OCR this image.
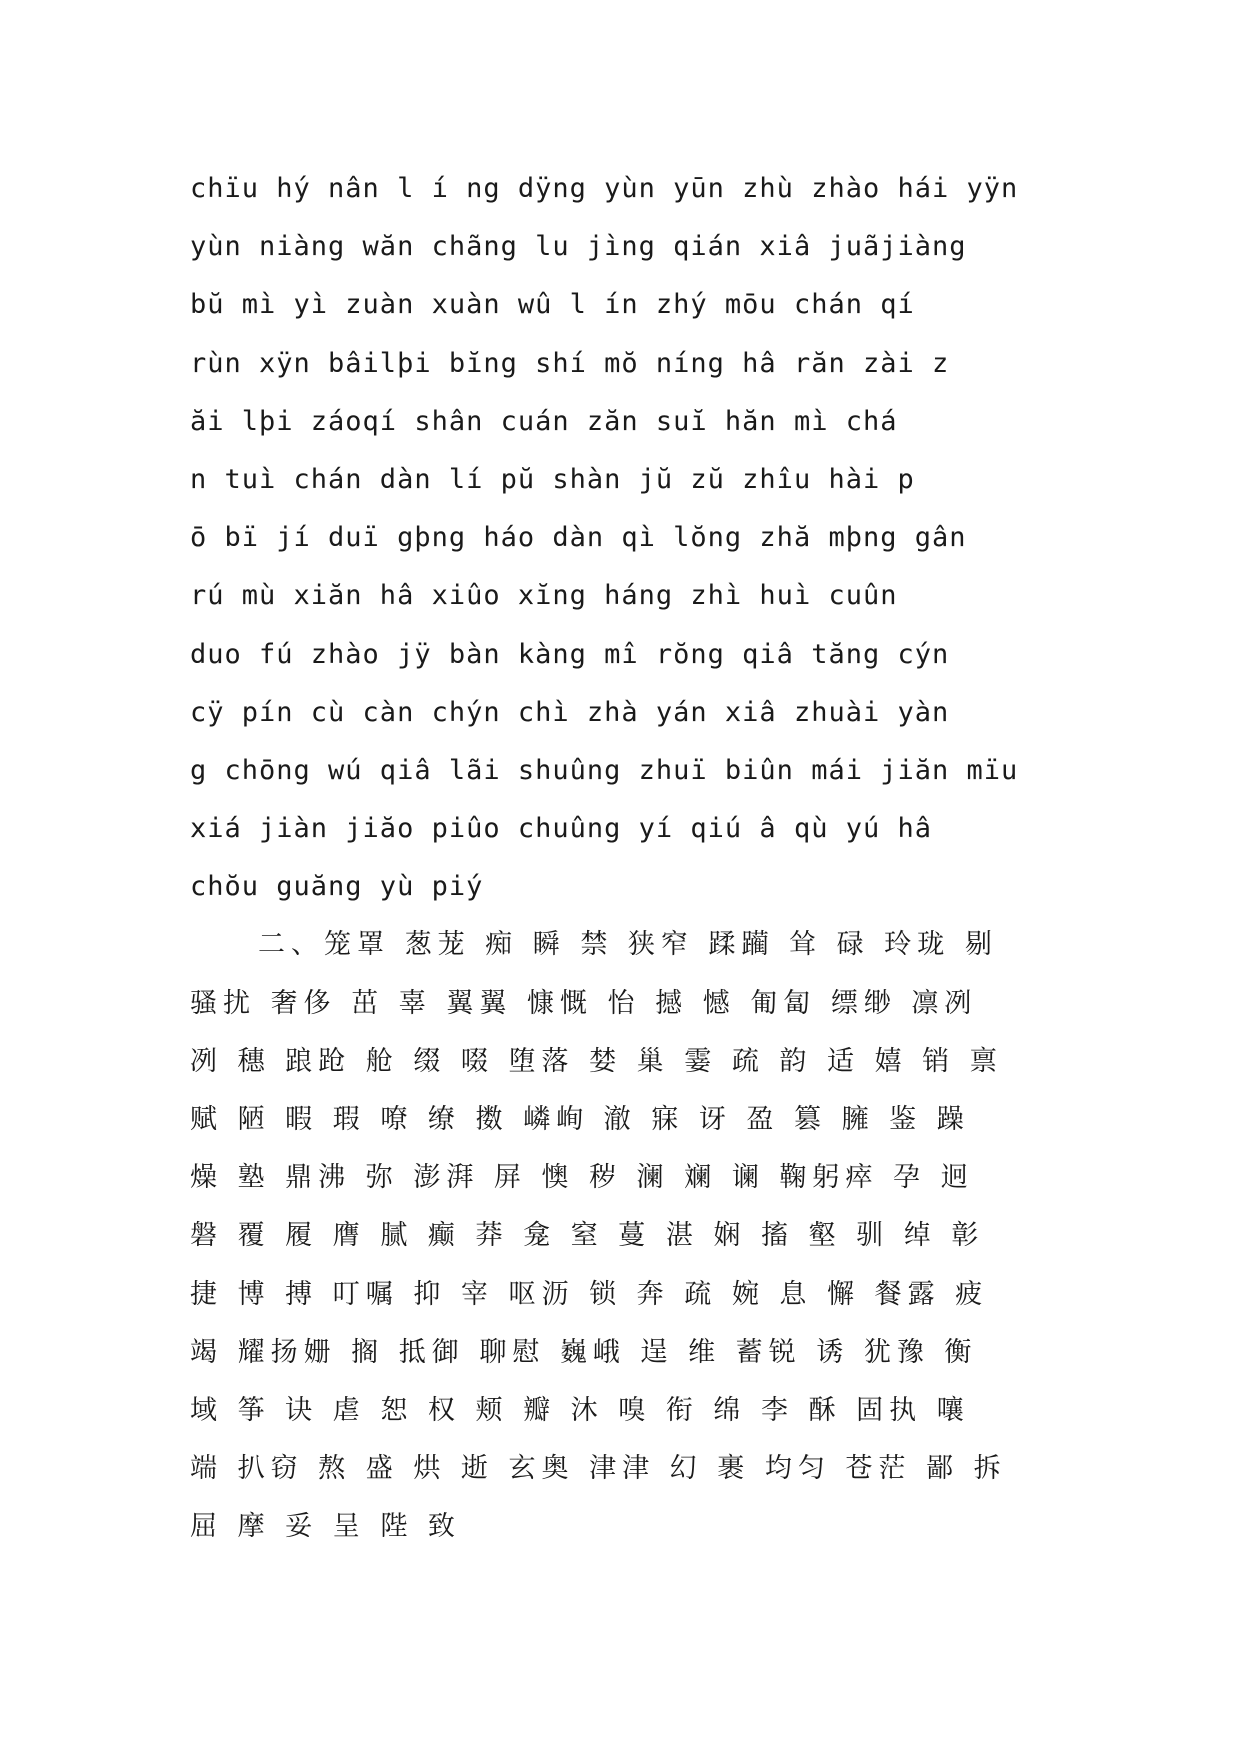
chïu hý nân l í ng dÿng yùn yūn zhù zhào hái yÿn
yùn niàng wăn chãng lu jìng qián xiâ juãjiàng
bŭ mì yì zuàn xuàn wû l ín zhý mōu chán qí
rùn xÿn bâilþi bĭng shí mŏ níng hâ răn zài z
ăi lþi záoqí shân cuán zăn suĭ hăn mì chá
n tuì chán dàn lí pŭ shàn jŭ zŭ zhîu hài p
ō bï jí duï gþng háo dàn qì lŏng zhă mþng gân
rú mù xiăn hâ xiûo xĭng háng zhì huì cuûn
duo fú zhào jÿ bàn kàng mî rŏng qiâ tăng cýn
cÿ pín cù càn chýn chì zhà yán xiâ zhuài yàn
g chōng wú qiâ lãi shuûng zhuï biûn mái jiăn mïu
xiá jiàn jiăo piûo chuûng yí qiú â qù yú hâ
chŏu guăng yù piý
二、笼罩 葱茏 痴 瞬 禁 狭窄 蹂躏 耸 碌 玲珑 剔
骚扰 奢侈 茁 辜 翼翼 慷慨 怡 撼 憾 匍匐 缥缈 凛冽
冽 穗 踉跄 舱 缀 啜 堕落 婪 巢 霎 疏 韵 适 嬉 销 禀
赋 陋 暇 瑕 嘹 缭 擞 嶙峋 澈 寐 讶 盈 篡 臃 鉴 躁
燥 塾 鼎沸 弥 澎湃 屏 懊 秽 澜 斓 谰 鞠躬瘁 孕 迥
磐 覆 履 膺 腻 癫 莽 龛 窒 蔓 湛 娴 搐 壑 驯 绰 彰
捷 博 搏 叮嘱 抑 宰 呕沥 锁 奔 疏 婉 息 懈 餐露 疲
竭 耀扬姗 搁 抵御 聊慰 巍峨 逞 维 蓄锐 诱 犹豫 衡
域 筝 诀 虐 恕 权 颊 瓣 沐 嗅 衔 绵 李 酥 固执 嚷
端 扒窃 熬 盛 烘 逝 玄奥 津津 幻 裹 均匀 苍茫 鄙 拆
屈 摩 妥 呈 陛 致
